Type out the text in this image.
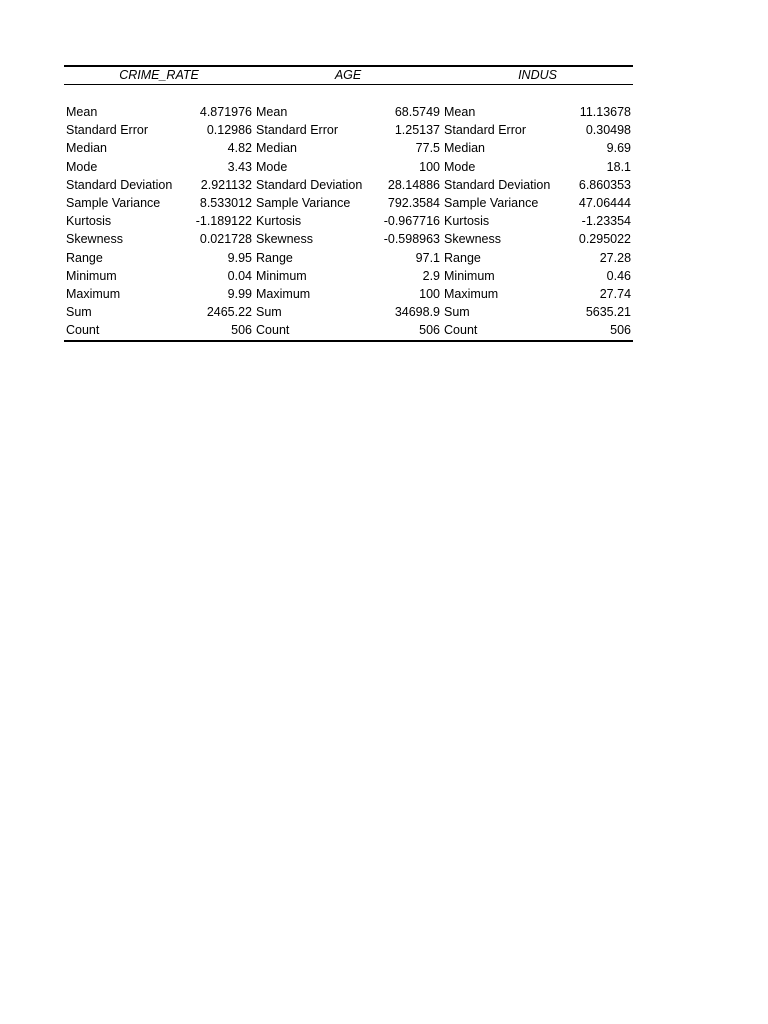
CRIME_RATE		AGE		INDUS	

Mean	4.871976	Mean	68.5749	Mean	11.13678
Standard Error	0.12986	Standard Error	1.25137	Standard Error	0.30498
Median	4.82	Median	77.5	Median	9.69
Mode	3.43	Mode	100	Mode	18.1
Standard Deviation	2.921132	Standard Deviation	28.14886	Standard Deviation	6.860353
Sample Variance	8.533012	Sample Variance	792.3584	Sample Variance	47.06444
Kurtosis	-1.189122	Kurtosis	-0.967716	Kurtosis	-1.23354
Skewness	0.021728	Skewness	-0.598963	Skewness	0.295022
Range	9.95	Range	97.1	Range	27.28
Minimum	0.04	Minimum	2.9	Minimum	0.46
Maximum	9.99	Maximum	100	Maximum	27.74
Sum	2465.22	Sum	34698.9	Sum	5635.21
Count	506	Count	506	Count	506
